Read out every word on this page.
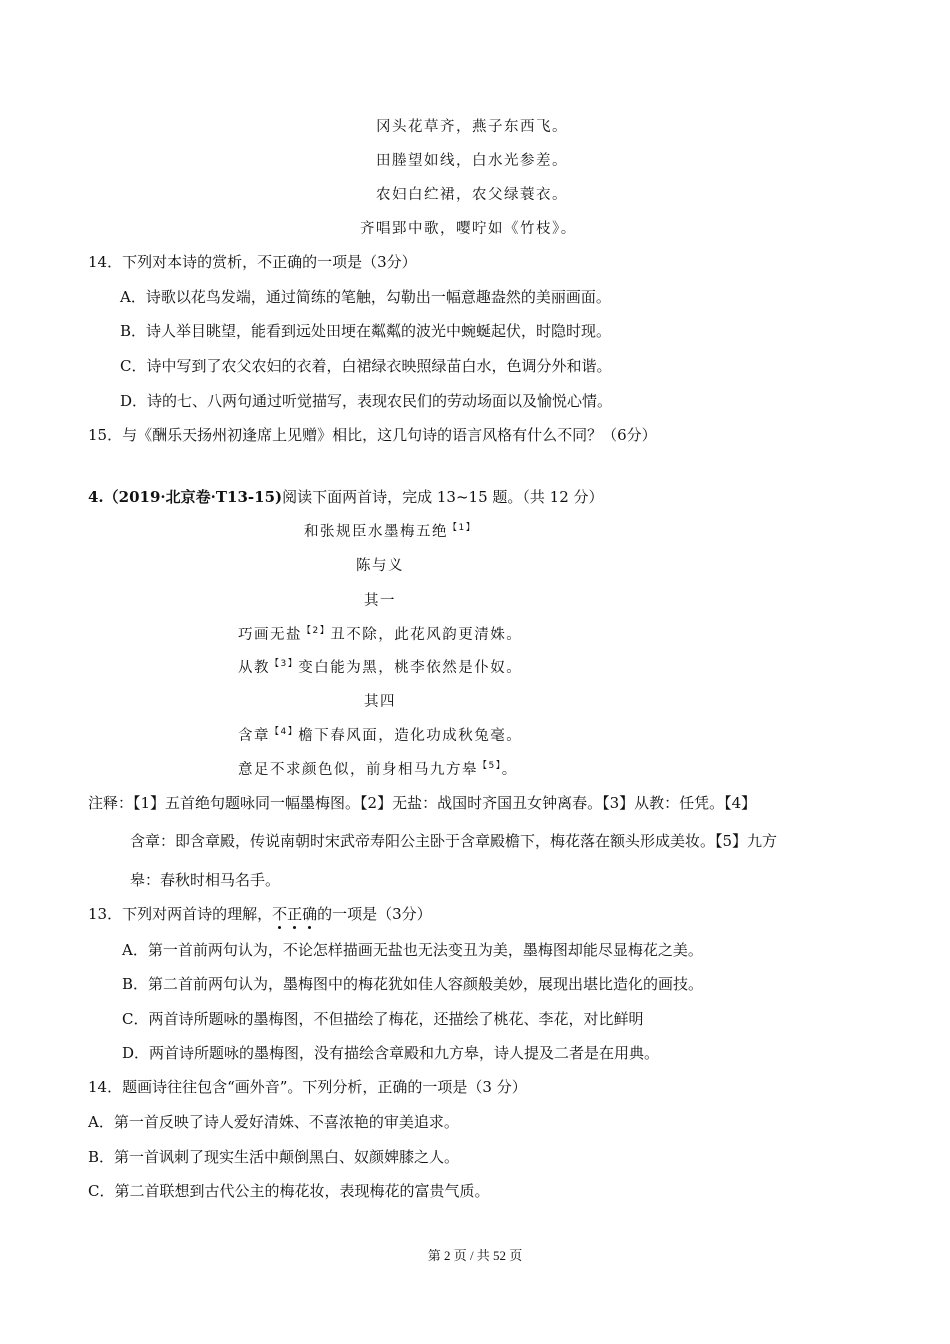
冈头花草齐，燕子东西飞。
田塍望如线，白水光参差。
农妇白纻裙，农父绿蓑衣。
齐唱郢中歌，嘤咛如《竹枝》。
14．下列对本诗的赏析，不正确的一项是（3分）
A．诗歌以花鸟发端，通过简练的笔触，勾勒出一幅意趣盎然的美丽画面。
B．诗人举目眺望，能看到远处田埂在粼粼的波光中蜿蜒起伏，时隐时现。
C．诗中写到了农父农妇的衣着，白裙绿衣映照绿苗白水，色调分外和谐。
D．诗的七、八两句通过听觉描写，表现农民们的劳动场面以及愉悦心情。
15．与《酬乐天扬州初逢席上见赠》相比，这几句诗的语言风格有什么不同？（6分）
4.（2019·北京卷·T13-15)阅读下面两首诗，完成 13~15 题。（共 12 分）
和张规臣水墨梅五绝$^{【1】}$
陈与义
其一
巧画无盐$^{【2】}$丑不除，此花风韵更清姝。
从教$^{【3】}$变白能为黑，桃李依然是仆奴。
其四
含章$^{【4】}$檐下春风面，造化功成秋兔毫。
意足不求颜色似，前身相马九方皋$^{【5】}$。
注释：【1】五首绝句题咏同一幅墨梅图。【2】无盐：战国时齐国丑女钟离春。【3】从教：任凭。【4】
含章：即含章殿，传说南朝时宋武帝寿阳公主卧于含章殿檐下，梅花落在额头形成美妆。【5】九方
皋：春秋时相马名手。
13．下列对两首诗的理解，不正确的一项是（3分）
A．第一首前两句认为，不论怎样描画无盐也无法变丑为美，墨梅图却能尽显梅花之美。
B．第二首前两句认为，墨梅图中的梅花犹如佳人容颜般美妙，展现出堪比造化的画技。
C．两首诗所题咏的墨梅图，不但描绘了梅花，还描绘了桃花、李花，对比鲜明
D．两首诗所题咏的墨梅图，没有描绘含章殿和九方皋，诗人提及二者是在用典。
14．题画诗往往包含“画外音”。下列分析，正确的一项是（3 分）
A．第一首反映了诗人爱好清姝、不喜浓艳的审美追求。
B．第一首讽刺了现实生活中颠倒黑白、奴颜婢膝之人。
C．第二首联想到古代公主的梅花妆，表现梅花的富贵气质。
第 2 页 / 共 52 页
